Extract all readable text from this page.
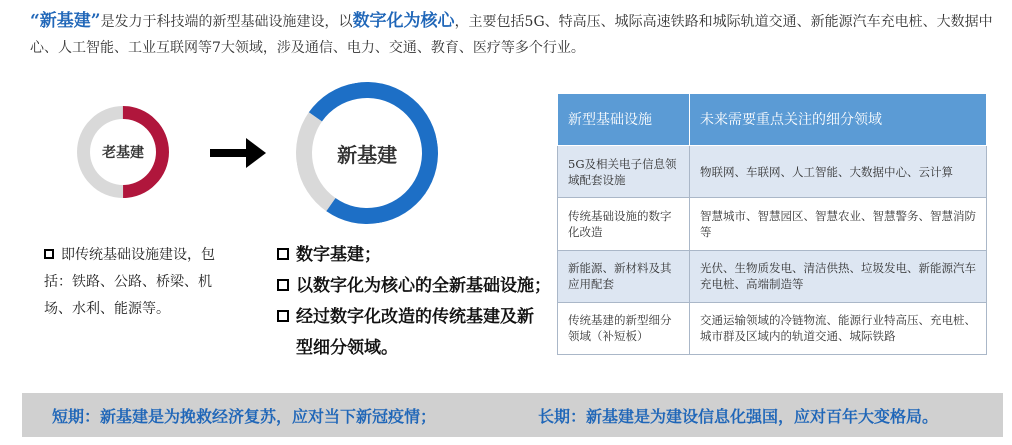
“新基建”是发力于科技端的新型基础设施建设，以数字化为核心，主要包括5G、特高压、城际高速铁路和城际轨道交通、新能源汽车充电桩、大数据中心、人工智能、工业互联网等7大领域，涉及通信、电力、交通、教育、医疗等多个行业。
老基建	新基建
即传统基础设施建设，包括：铁路、公路、桥梁、机场、水利、能源等。
数字基建；
以数字化为核心的全新基础设施；
经过数字化改造的传统基建及新
型细分领域。
新型基础设施	未来需要重点关注的细分领域
5G及相关电子信息领域配套设施	物联网、车联网、人工智能、大数据中心、云计算
传统基础设施的数字化改造	智慧城市、智慧园区、智慧农业、智慧警务、智慧消防等
新能源、新材料及其应用配套	光伏、生物质发电、清洁供热、垃圾发电、新能源汽车充电桩、高端制造等
传统基建的新型细分领域（补短板）	交通运输领域的冷链物流、能源行业特高压、充电桩、城市群及区域内的轨道交通、城际铁路
短期：新基建是为挽救经济复苏，应对当下新冠疫情；	长期：新基建是为建设信息化强国，应对百年大变格局。
